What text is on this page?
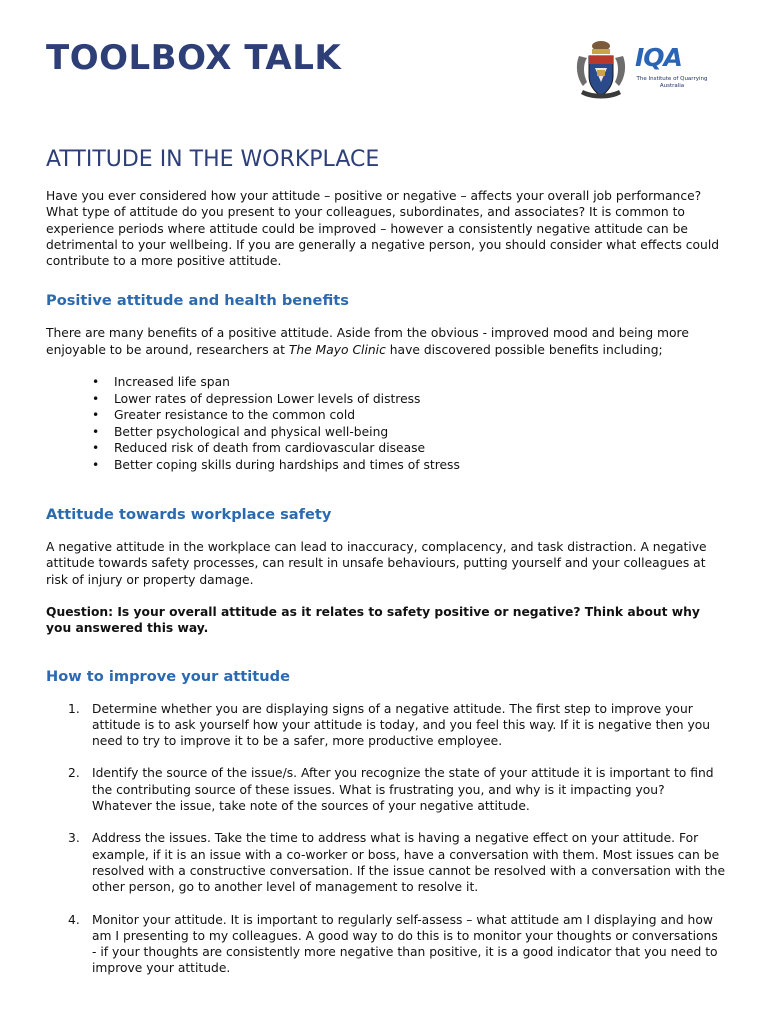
TOOLBOX TALK	IQA
The Institute of Quarrying Australia
ATTITUDE IN THE WORKPLACE

Have you ever considered how your attitude – positive or negative – affects your overall job performance? What type of attitude do you present to your colleagues, subordinates, and associates? It is common to experience periods where attitude could be improved – however a consistently negative attitude can be detrimental to your wellbeing. If you are generally a negative person, you should consider what effects could contribute to a more positive attitude.

Positive attitude and health benefits

There are many benefits of a positive attitude. Aside from the obvious - improved mood and being more enjoyable to be around, researchers at The Mayo Clinic have discovered possible benefits including;

• Increased life span
• Lower rates of depression Lower levels of distress
• Greater resistance to the common cold
• Better psychological and physical well-being
• Reduced risk of death from cardiovascular disease
• Better coping skills during hardships and times of stress
Attitude towards workplace safety

A negative attitude in the workplace can lead to inaccuracy, complacency, and task distraction. A negative attitude towards safety processes, can result in unsafe behaviours, putting yourself and your colleagues at risk of injury or property damage.

Question: Is your overall attitude as it relates to safety positive or negative? Think about why you answered this way.

How to improve your attitude
1. Determine whether you are displaying signs of a negative attitude. The first step to improve your attitude is to ask yourself how your attitude is today, and you feel this way. If it is negative then you need to try to improve it to be a safer, more productive employee.
2. Identify the source of the issue/s. After you recognize the state of your attitude it is important to find the contributing source of these issues. What is frustrating you, and why is it impacting you? Whatever the issue, take note of the sources of your negative attitude.
3. Address the issues. Take the time to address what is having a negative effect on your attitude. For example, if it is an issue with a co-worker or boss, have a conversation with them. Most issues can be resolved with a constructive conversation. If the issue cannot be resolved with a conversation with the other person, go to another level of management to resolve it.
4. Monitor your attitude. It is important to regularly self-assess – what attitude am I displaying and how am I presenting to my colleagues. A good way to do this is to monitor your thoughts or conversations - if your thoughts are consistently more negative than positive, it is a good indicator that you need to improve your attitude.
